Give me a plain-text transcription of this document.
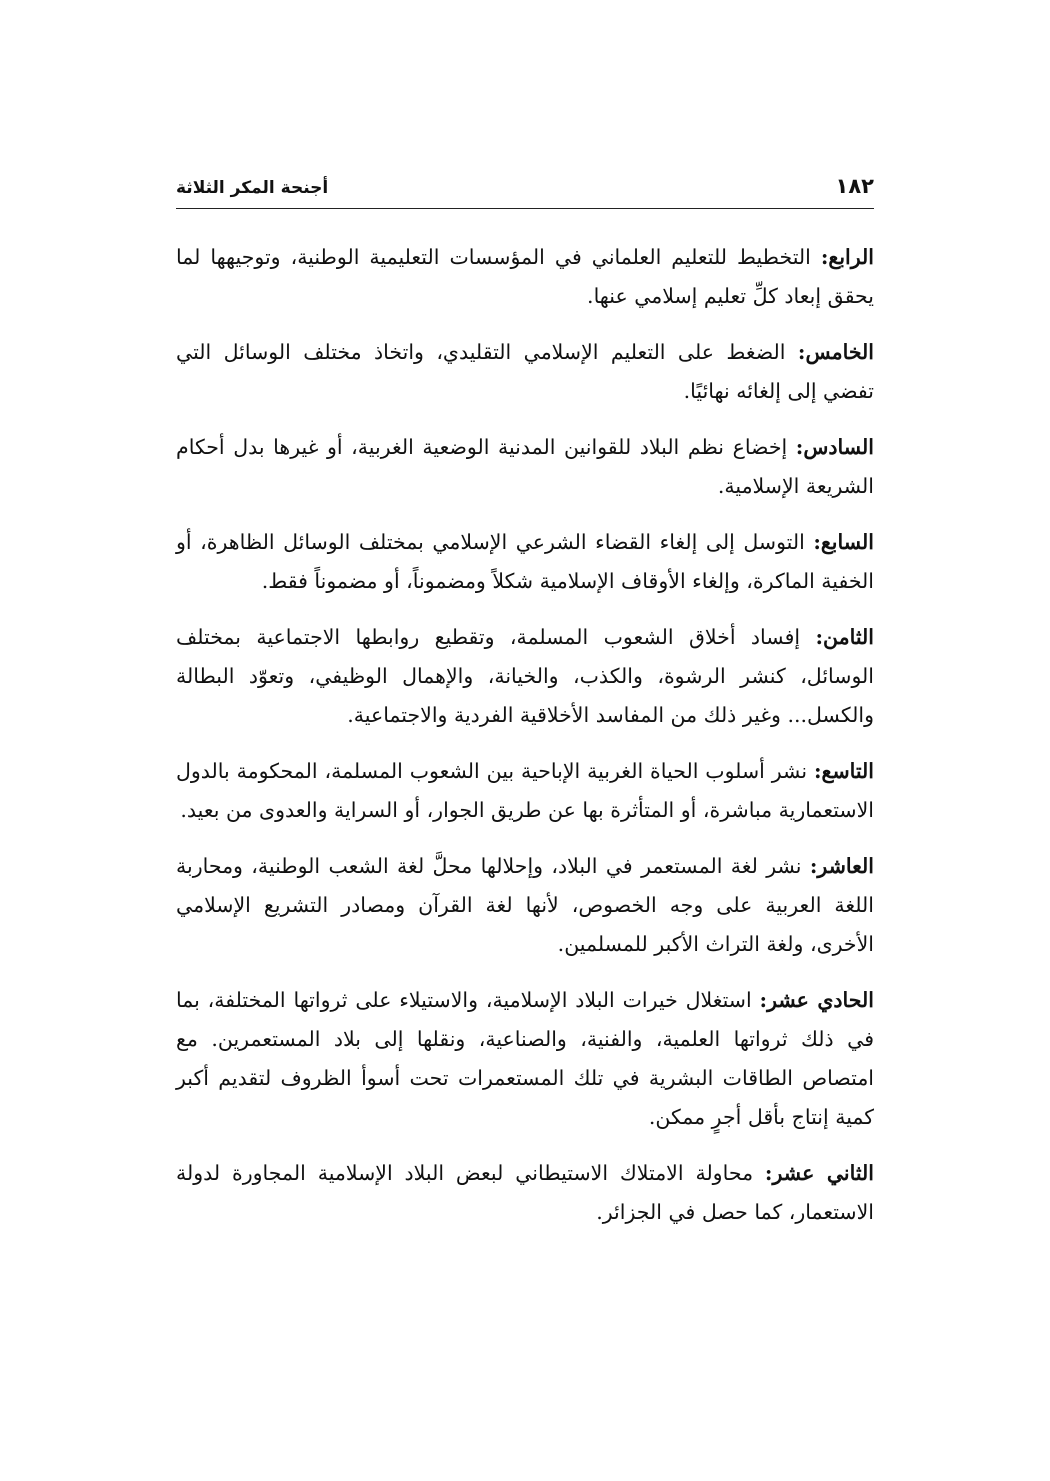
١٨٢
أجنحة المكر الثلاثة

الرابع: التخطيط للتعليم العلماني في المؤسسات التعليمية الوطنية، وتوجيهها لما يحقق إبعاد كلِّ تعليم إسلامي عنها.

الخامس: الضغط على التعليم الإسلامي التقليدي، واتخاذ مختلف الوسائل التي تفضي إلى إلغائه نهائيًا.

السادس: إخضاع نظم البلاد للقوانين المدنية الوضعية الغربية، أو غيرها بدل أحكام الشريعة الإسلامية.

السابع: التوسل إلى إلغاء القضاء الشرعي الإسلامي بمختلف الوسائل الظاهرة، أو الخفية الماكرة، وإلغاء الأوقاف الإسلامية شكلاً ومضموناً، أو مضموناً فقط.

الثامن: إفساد أخلاق الشعوب المسلمة، وتقطيع روابطها الاجتماعية بمختلف الوسائل، كنشر الرشوة، والكذب، والخيانة، والإهمال الوظيفي، وتعوّد البطالة والكسل... وغير ذلك من المفاسد الأخلاقية الفردية والاجتماعية.

التاسع: نشر أسلوب الحياة الغربية الإباحية بين الشعوب المسلمة، المحكومة بالدول الاستعمارية مباشرة، أو المتأثرة بها عن طريق الجوار، أو السراية والعدوى من بعيد.

العاشر: نشر لغة المستعمر في البلاد، وإحلالها محلَّ لغة الشعب الوطنية، ومحاربة اللغة العربية على وجه الخصوص، لأنها لغة القرآن ومصادر التشريع الإسلامي الأخرى، ولغة التراث الأكبر للمسلمين.

الحادي عشر: استغلال خيرات البلاد الإسلامية، والاستيلاء على ثرواتها المختلفة، بما في ذلك ثرواتها العلمية، والفنية، والصناعية، ونقلها إلى بلاد المستعمرين. مع امتصاص الطاقات البشرية في تلك المستعمرات تحت أسوأ الظروف لتقديم أكبر كمية إنتاج بأقل أجرٍ ممكن.

الثاني عشر: محاولة الامتلاك الاستيطاني لبعض البلاد الإسلامية المجاورة لدولة الاستعمار، كما حصل في الجزائر.
